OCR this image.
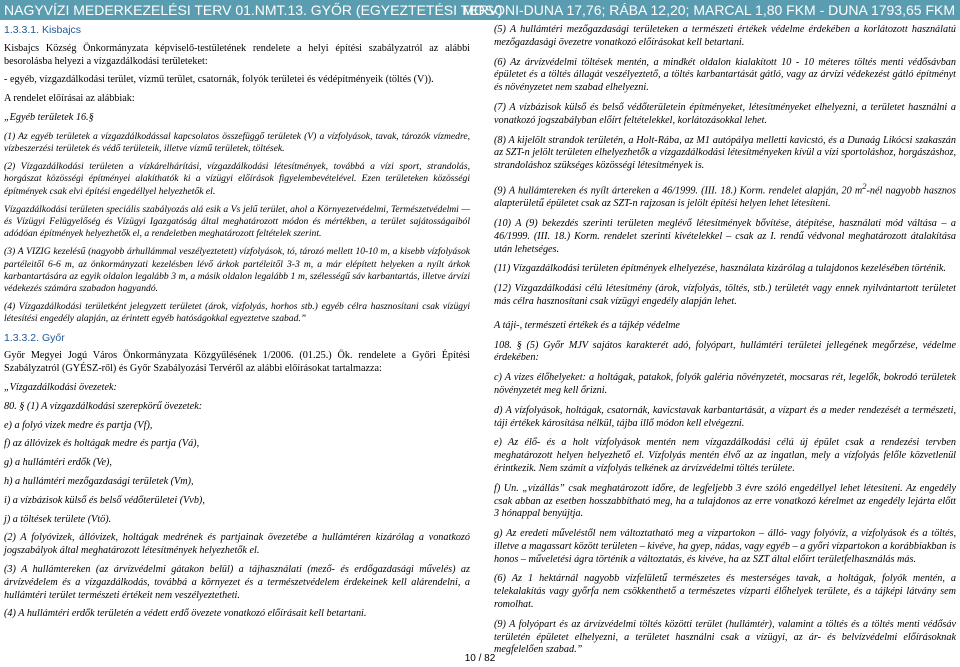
NAGYVÍZI MEDERKEZELÉSI TERV 01.NMT.13. GYŐR (EGYEZTETÉSI TERV)
MOSONI-DUNA 17,76; RÁBA 12,20; MARCAL 1,80 FKM - DUNA 1793,65 FKM

1.3.3.1. Kisbajcs

Kisbajcs Község Önkormányzata képviselő-testületének rendelete a helyi építési szabályzatról az alábbi besorolásba helyezi a vízgazdálkodási területeket:

- egyéb, vízgazdálkodási terület, vízmű terület, csatornák, folyók területei és védépítményeik (töltés (V)).

A rendelet előírásai az alábbiak:

„Egyéb területek 16.§

(1) Az egyéb területek a vízgazdálkodással kapcsolatos összefüggő területek (V) a vízfolyások, tavak, tározók vízmedre, vízbeszerzési területek és védő területeik, illetve vízmű területek, töltések.

(2) Vízgazdálkodási területen a vízkárelhárítási, vízgazdálkodási létesítmények, továbbá a vízi sport, strandolás, horgászat közösségi építményei alakíthatók ki a vízügyi előírások figyelembevételével. Ezen területeken közösségi építmények csak elvi építési engedéllyel helyezhetők el.

Vízgazdálkodási területen speciális szabályozás alá esik a Vs jelű terület, ahol a Környezetvédelmi, Természetvédelmi — és Vízügyi Felügyelőség és Vízügyi Igazgatóság által meghatározott módon és mértékben, a terület sajátosságaiból adódóan építmények helyezhetők el, a rendeletben meghatározott feltételek szerint.

(3) A VIZIG kezelésű (nagyobb árhullámmal veszélyeztetett) vízfolyások, tó, tározó mellett 10-10 m, a kisebb vízfolyások partéleitől 6-6 m, az önkormányzati kezelésben lévő árkok partéleitől 3-3 m, a már elépített helyeken a nyílt árkok karbantartására az egyik oldalon legalább 3 m, a másik oldalon legalább 1 m, szélességű sáv karbantartás, illetve árvízi védekezés számára szabadon hagyandó.

(4) Vízgazdálkodási területként jelegyzett területet (árok, vízfolyás, horhos stb.) egyéb célra hasznosítani csak vízügyi létesítési engedély alapján, az érintett egyéb hatóságokkal egyeztetve szabad.”

1.3.3.2. Győr

Győr Megyei Jogú Város Önkormányzata Közgyűlésének 1/2006. (01.25.) Ök. rendelete a Győri Építési Szabályzatról (GYÉSZ-ről) és Győr Szabályozási Tervéről az alábbi előírásokat tartalmazza:

„Vízgazdálkodási övezetek:

80. § (1) A vízgazdálkodási szerepkörű övezetek:

e) a folyó vizek medre és partja (Vf),

f) az állóvizek és holtágak medre és partja (Vá),

g) a hullámtéri erdők (Ve),

h) a hullámtéri mezőgazdasági területek (Vm),

i) a vízbázisok külső és belső védőterületei (Vvb),

j) a töltések területe (Vtö).

(2) A folyóvizek, állóvizek, holtágak medrének és partjainak övezetébe a hullámtéren kizárólag a vonatkozó jogszabályok által meghatározott létesítmények helyezhetők el.

(3) A hullámtereken (az árvízvédelmi gátakon belül) a tájhasználati (mező- és erdőgazdasági művelés) az árvízvédelem és a vízgazdálkodás, továbbá a környezet és a természetvédelem érdekeinek kell alárendelni, a hullámtéri terület természeti értékeit nem veszélyeztetheti.

(4) A hullámtéri erdők területén a védett erdő övezete vonatkozó előírásait kell betartani.

(5) A hullámtéri mezőgazdasági területeken a természeti értékek védelme érdekében a korlátozott használatú mezőgazdasági övezetre vonatkozó előírásokat kell betartani.

(6) Az árvízvédelmi töltések mentén, a mindkét oldalon kialakított 10 - 10 méteres töltés menti védősávban épületet és a töltés állagát veszélyeztető, a töltés karbantartását gátló, vagy az árvízi védekezést gátló építményt és növényzetet nem szabad elhelyezni.

(7) A vízbázisok külső és belső védőterületein építményeket, létesítményeket elhelyezni, a területet használni a vonatkozó jogszabályban előírt feltételekkel, korlátozásokkal lehet.

(8) A kijelölt strandok területén, a Holt-Rába, az M1 autópálya melletti kavicstó, és a Dunaág Likócsi szakaszán az SZT-n jelölt területen elhelyezhetők a vízgazdálkodási létesítményeken kívül a vízi sportoláshoz, horgászáshoz, strandoláshoz szükséges közösségi létesítmények is.

(9) A hullámtereken és nyílt ártereken a 46/1999. (III. 18.) Korm. rendelet alapján, 20 $m^2$-nél nagyobb hasznos alapterületű épületet csak az SZT-n rajzosan is jelölt építési helyen lehet létesíteni.

(10) A (9) bekezdés szerinti területen meglévő létesítmények bővítése, átépítése, használati mód váltása – a 46/1999. (III. 18.) Korm. rendelet szerinti kivételekkel – csak az I. rendű védvonal meghatározott átalakítása után lehetséges.

(11) Vízgazdálkodási területen építmények elhelyezése, használata kizárólag a tulajdonos kezelésében történik.

(12) Vízgazdálkodási célú létesítmény (árok, vízfolyás, töltés, stb.) területét vagy ennek nyilvántartott területet más célra hasznosítani csak vízügyi engedély alapján lehet.

A táji-, természeti értékek és a tájkép védelme

108. § (5) Győr MJV sajátos karakterét adó, folyópart, hullámtéri területei jellegének megőrzése, védelme érdekében:

c) A vizes élőhelyeket: a holtágak, patakok, folyók galéria növényzetét, mocsaras rét, legelők, bokrodó területek növényzetét meg kell őrizni.

d) A vízfolyások, holtágak, csatornák, kavicstavak karbantartását, a vízpart és a meder rendezését a természeti, táji értékek károsítása nélkül, tájba illő módon kell elvégezni.

e) Az élő- és a holt vízfolyások mentén nem vízgazdálkodási célú új épület csak a rendezési tervben meghatározott helyen helyezhető el. Vízfolyás mentén élvő az az ingatlan, mely a vízfolyás felőle közvetlenül érintkezik. Nem számít a vízfolyás telkének az árvízvédelmi töltés területe.

f) Un. „vízállás” csak meghatározott időre, de legfeljebb 3 évre szóló engedéllyel lehet létesíteni. Az engedély csak abban az esetben hosszabbítható meg, ha a tulajdonos az erre vonatkozó kérelmet az engedély lejárta előtt 3 hónappal benyújtja.

g) Az eredeti műveléstől nem változtatható meg a vízpartokon – álló- vagy folyóvíz, a vízfolyások és a töltés, illetve a magassart között területen – kivéve, ha gyep, nádas, vagy egyéb – a győri vízpartokon a korábbiakban is honos – műveletési ágra történik a változtatás, és kivéve, ha az SZT által előírt területfelhasználás más.

(6) Az 1 hektárnál nagyobb vízfelületű természetes és mesterséges tavak, a holtágak, folyók mentén, a telekalakítás vagy győrfa nem csökkenthető a természetes vízparti élőhelyek területe, és a tájképi látvány sem romolhat.

(9) A folyópart és az árvízvédelmi töltés közötti terület (hullámtér), valamint a töltés és a töltés menti védősáv területén épületet elhelyezni, a területet használni csak a vízügyi, az ár- és belvízvédelmi előírásoknak megfelelően szabad.”

10 / 82
